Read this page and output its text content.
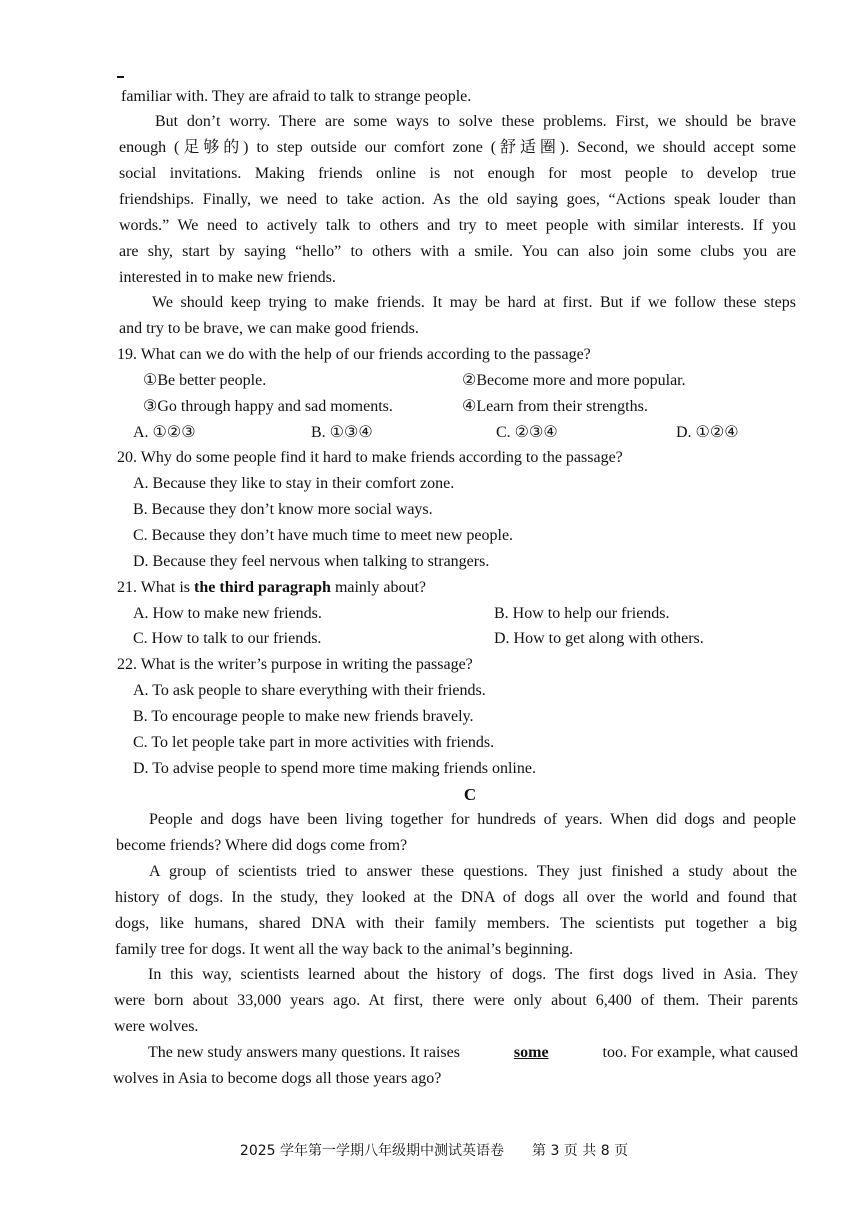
familiar with. They are afraid to talk to strange people.
But don’t worry. There are some ways to solve these problems. First, we should be brave
enough (足够的) to step outside our comfort zone (舒适圈). Second, we should accept some
social invitations. Making friends online is not enough for most people to develop true
friendships. Finally, we need to take action. As the old saying goes, “Actions speak louder than
words.” We need to actively talk to others and try to meet people with similar interests. If you
are shy, start by saying “hello” to others with a smile. You can also join some clubs you are
interested in to make new friends.
We should keep trying to make friends. It may be hard at first. But if we follow these steps
and try to be brave, we can make good friends.
19. What can we do with the help of our friends according to the passage?
①Be better people.	②Become more and more popular.
③Go through happy and sad moments.	④Learn from their strengths.
A. ①②③	B. ①③④	C. ②③④	D. ①②④
20. Why do some people find it hard to make friends according to the passage?
A. Because they like to stay in their comfort zone.
B. Because they don’t know more social ways.
C. Because they don’t have much time to meet new people.
D. Because they feel nervous when talking to strangers.
21. What is the third paragraph mainly about?
A. How to make new friends.	B. How to help our friends.
C. How to talk to our friends.	D. How to get along with others.
22. What is the writer’s purpose in writing the passage?
A. To ask people to share everything with their friends.
B. To encourage people to make new friends bravely.
C. To let people take part in more activities with friends.
D. To advise people to spend more time making friends online.
C
People and dogs have been living together for hundreds of years. When did dogs and people
become friends? Where did dogs come from?
A group of scientists tried to answer these questions. They just finished a study about the
history of dogs. In the study, they looked at the DNA of dogs all over the world and found that
dogs, like humans, shared DNA with their family members. The scientists put together a big
family tree for dogs. It went all the way back to the animal’s beginning.
In this way, scientists learned about the history of dogs. The first dogs lived in Asia. They
were born about 33,000 years ago. At first, there were only about 6,400 of them. Their parents
were wolves.
The new study answers many questions. It raises	some	too. For example, what caused
wolves in Asia to become dogs all those years ago?
2025 学年第一学期八年级期中测试英语卷　　第 3 页 共 8 页
